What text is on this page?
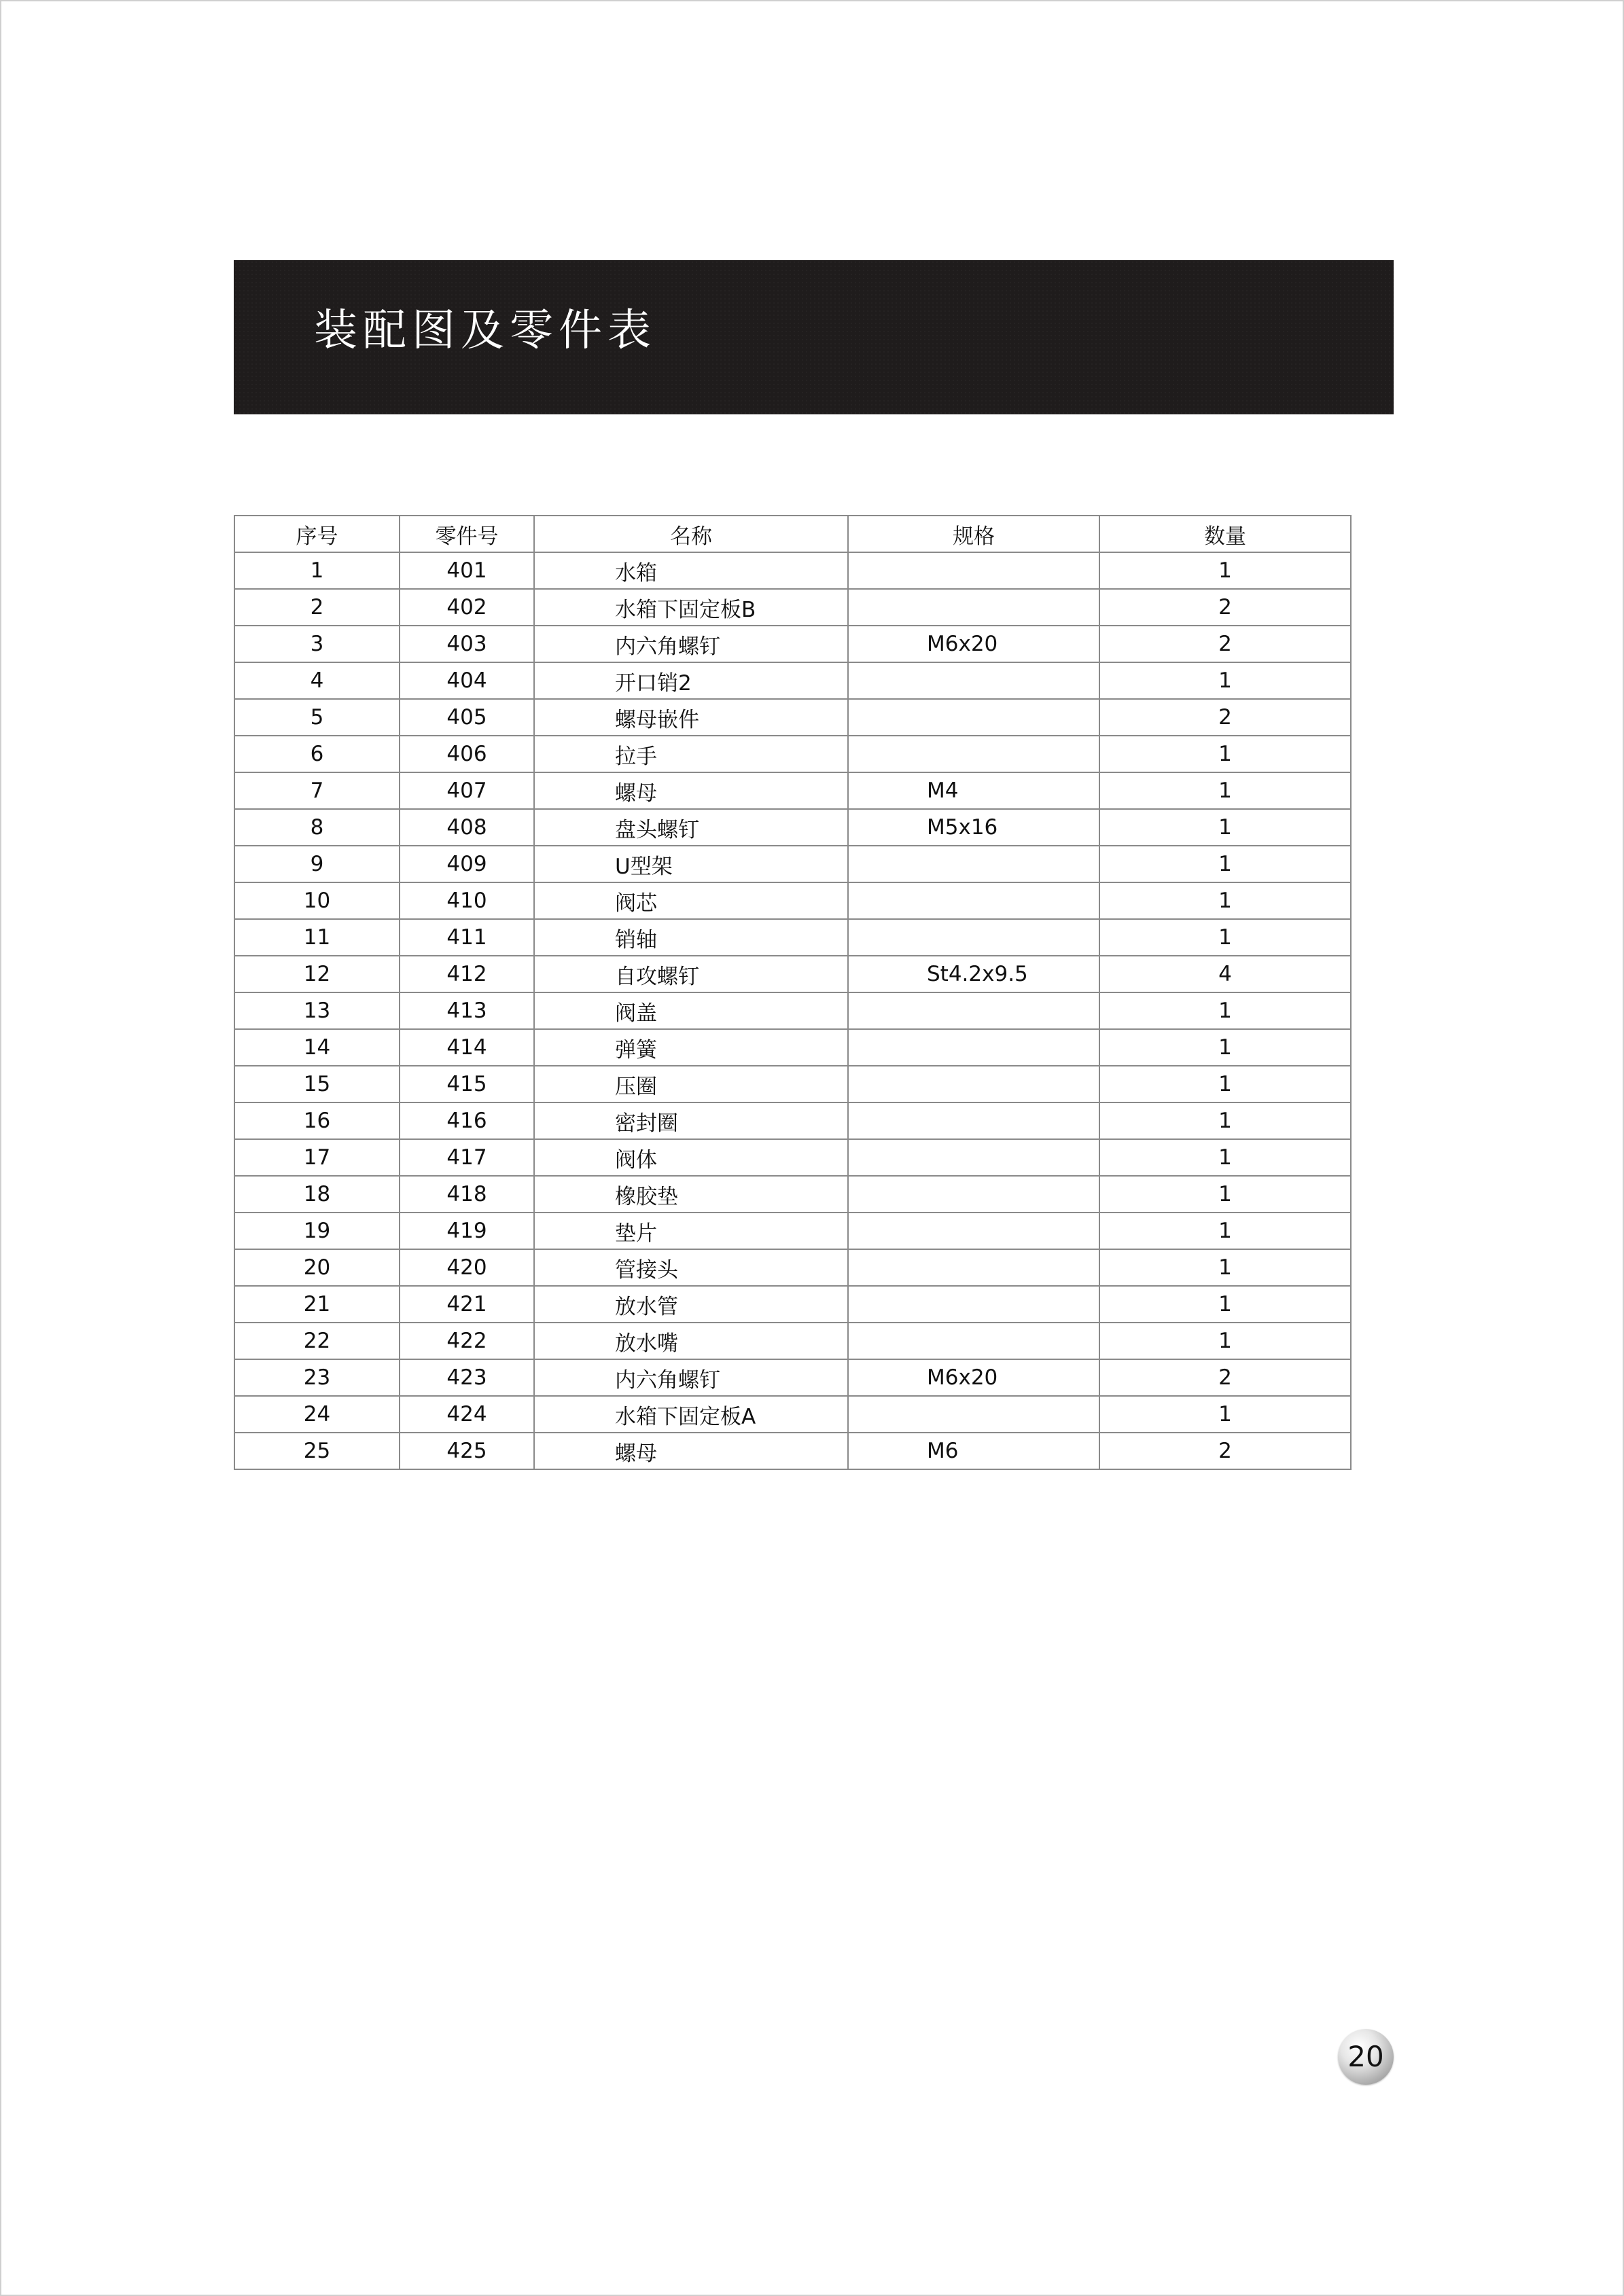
装配图及零件表
序号	零件号	名称	规格	数量
1	401	水箱		1
2	402	水箱下固定板B		2
3	403	内六角螺钉	M6x20	2
4	404	开口销2		1
5	405	螺母嵌件		2
6	406	拉手		1
7	407	螺母	M4	1
8	408	盘头螺钉	M5x16	1
9	409	U型架		1
10	410	阀芯		1
11	411	销轴		1
12	412	自攻螺钉	St4.2x9.5	4
13	413	阀盖		1
14	414	弹簧		1
15	415	压圈		1
16	416	密封圈		1
17	417	阀体		1
18	418	橡胶垫		1
19	419	垫片		1
20	420	管接头		1
21	421	放水管		1
22	422	放水嘴		1
23	423	内六角螺钉	M6x20	2
24	424	水箱下固定板A		1
25	425	螺母	M6	2
20
